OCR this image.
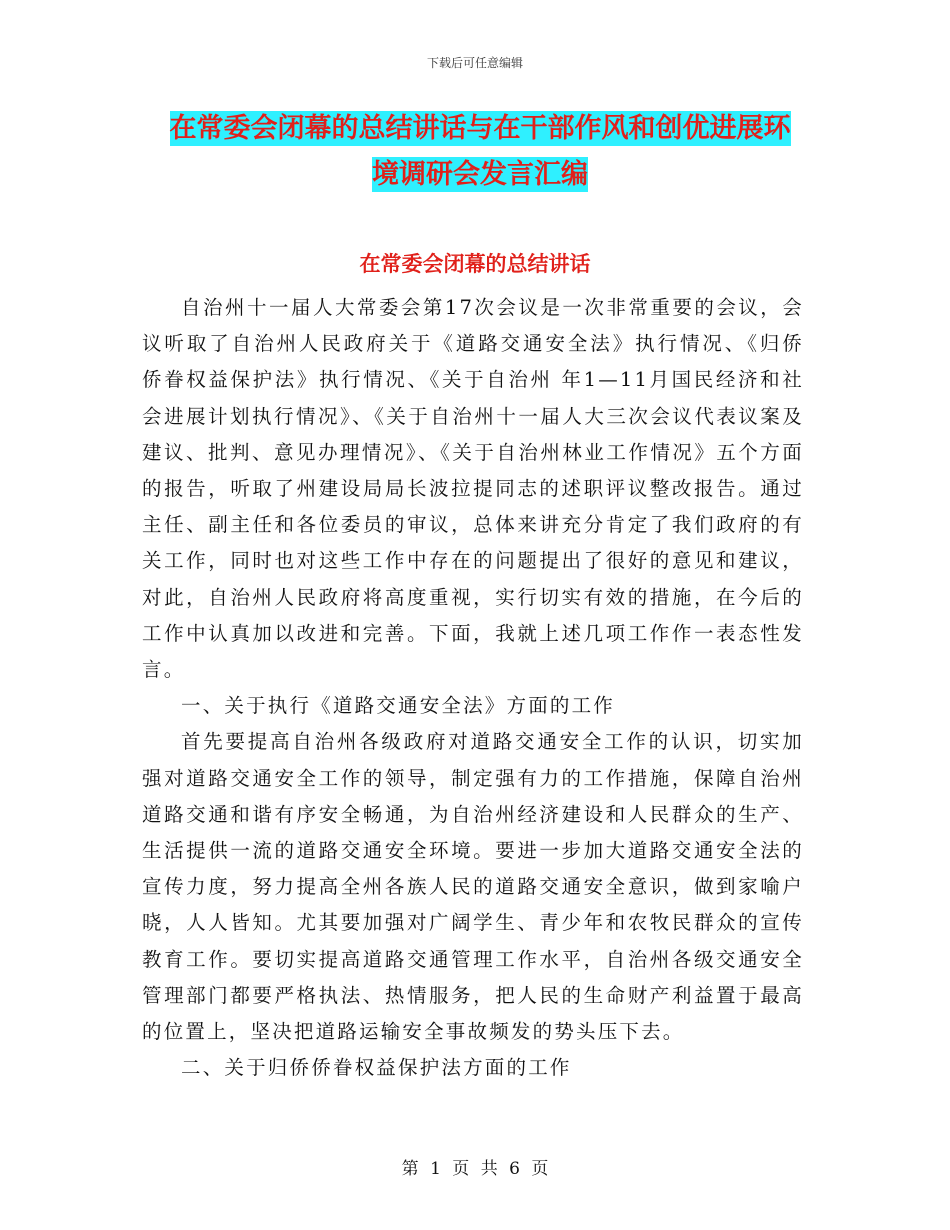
下载后可任意编辑
在常委会闭幕的总结讲话与在干部作风和创优进展环
境调研会发言汇编
在常委会闭幕的总结讲话

自治州十一届人大常委会第17次会议是一次非常重要的会议，会议听取了自治州人民政府关于《道路交通安全法》执行情况、《归侨侨眷权益保护法》执行情况、《关于自治州 年1—11月国民经济和社会进展计划执行情况》、《关于自治州十一届人大三次会议代表议案及建议、批判、意见办理情况》、《关于自治州林业工作情况》五个方面的报告，听取了州建设局局长波拉提同志的述职评议整改报告。通过主任、副主任和各位委员的审议，总体来讲充分肯定了我们政府的有关工作，同时也对这些工作中存在的问题提出了很好的意见和建议，对此，自治州人民政府将高度重视，实行切实有效的措施，在今后的工作中认真加以改进和完善。下面，我就上述几项工作作一表态性发言。

一、关于执行《道路交通安全法》方面的工作

首先要提高自治州各级政府对道路交通安全工作的认识，切实加强对道路交通安全工作的领导，制定强有力的工作措施，保障自治州道路交通和谐有序安全畅通，为自治州经济建设和人民群众的生产、生活提供一流的道路交通安全环境。要进一步加大道路交通安全法的宣传力度，努力提高全州各族人民的道路交通安全意识，做到家喻户晓，人人皆知。尤其要加强对广阔学生、青少年和农牧民群众的宣传教育工作。要切实提高道路交通管理工作水平，自治州各级交通安全管理部门都要严格执法、热情服务，把人民的生命财产利益置于最高的位置上，坚决把道路运输安全事故频发的势头压下去。

二、关于归侨侨眷权益保护法方面的工作

第 1 页 共 6 页
